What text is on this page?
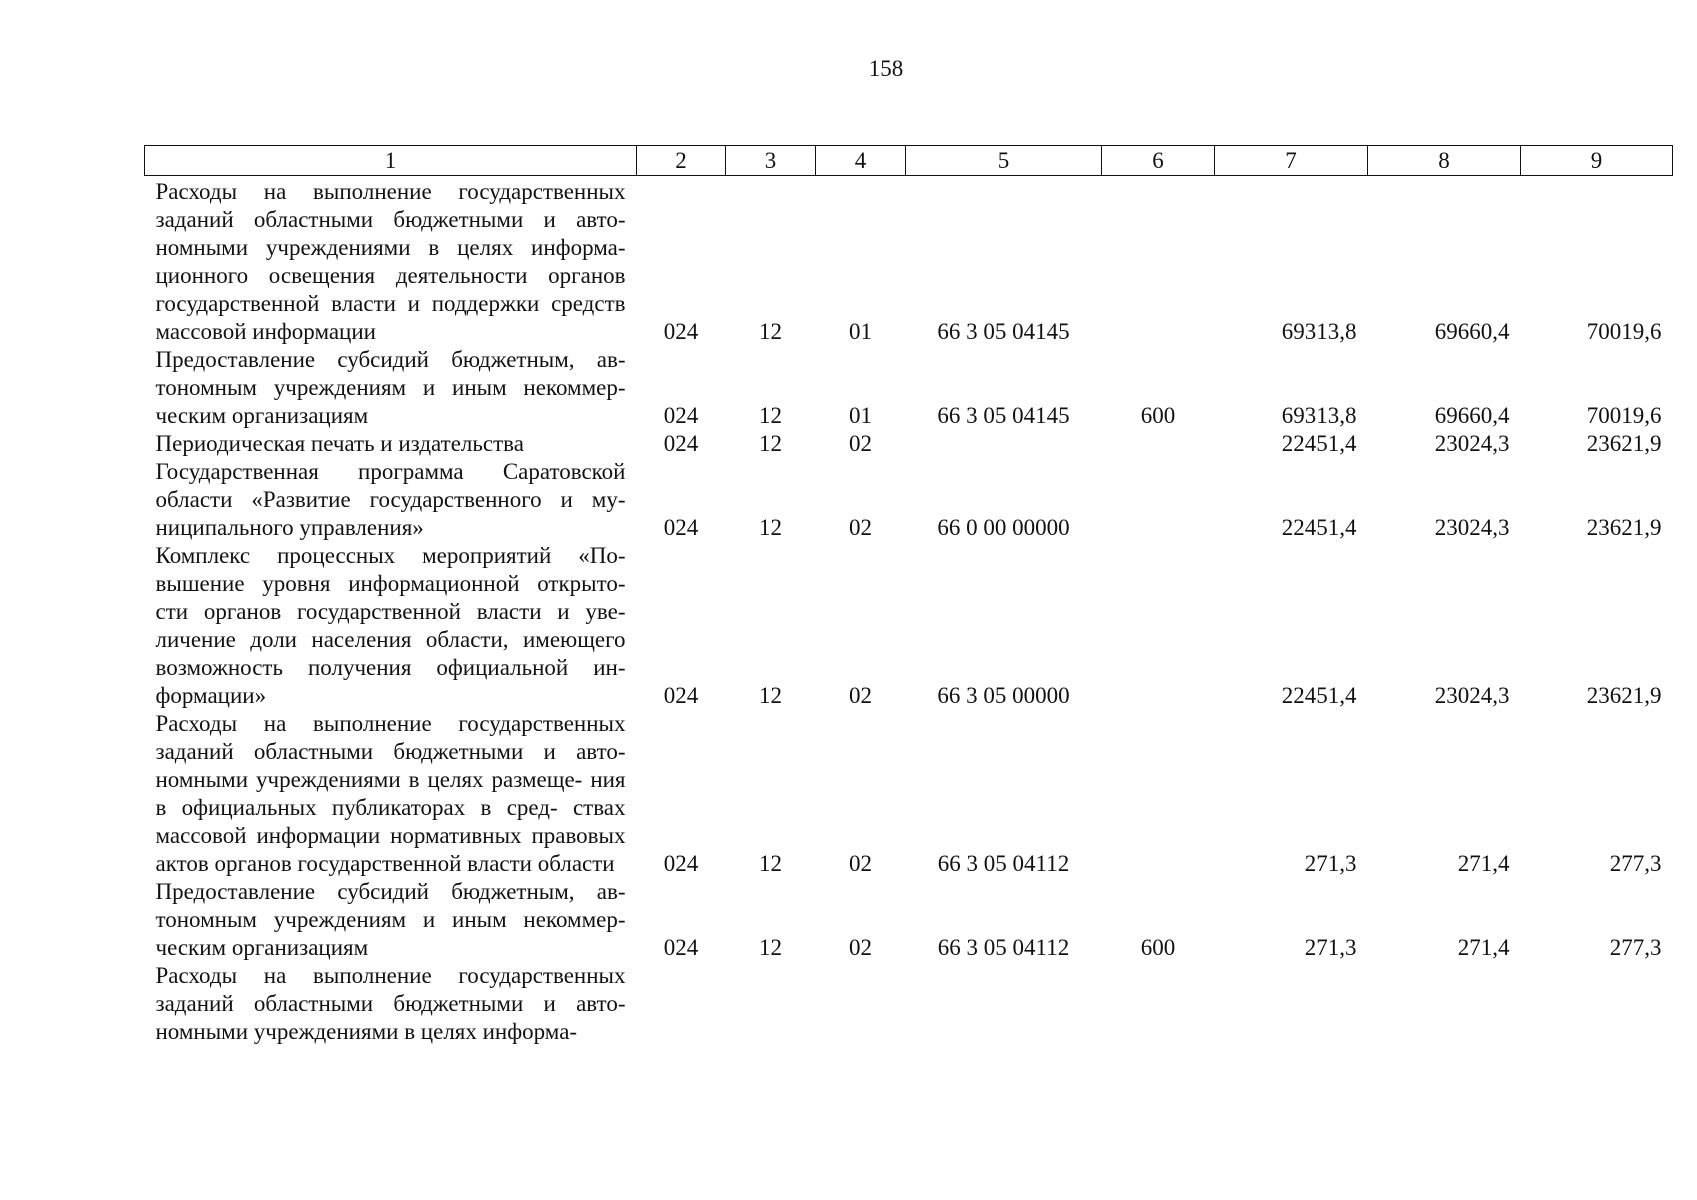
158
1	2	3	4	5	6	7	8	9
Расходы на выполнение государственных заданий областными бюджетными и авто- номными учреждениями в целях информа- ционного освещения деятельности органов государственной власти и поддержки средств массовой информации	024	12	01	66 3 05 04145		69313,8	69660,4	70019,6
Предоставление субсидий бюджетным, ав- тономным учреждениям и иным некоммер- ческим организациям	024	12	01	66 3 05 04145	600	69313,8	69660,4	70019,6
Периодическая печать и издательства	024	12	02			22451,4	23024,3	23621,9
Государственная программа Саратовской области «Развитие государственного и му- ниципального управления»	024	12	02	66 0 00 00000		22451,4	23024,3	23621,9
Комплекс процессных мероприятий «По- вышение уровня информационной открыто- сти органов государственной власти и уве- личение доли населения области, имеющего возможность получения официальной ин- формации»	024	12	02	66 3 05 00000		22451,4	23024,3	23621,9
Расходы на выполнение государственных заданий областными бюджетными и авто- номными учреждениями в целях размеще- ния в официальных публикаторах в сред- ствах массовой информации нормативных правовых актов органов государственной власти области	024	12	02	66 3 05 04112		271,3	271,4	277,3
Предоставление субсидий бюджетным, ав- тономным учреждениям и иным некоммер- ческим организациям	024	12	02	66 3 05 04112	600	271,3	271,4	277,3
Расходы на выполнение государственных заданий областными бюджетными и авто- номными учреждениями в целях информа-								
